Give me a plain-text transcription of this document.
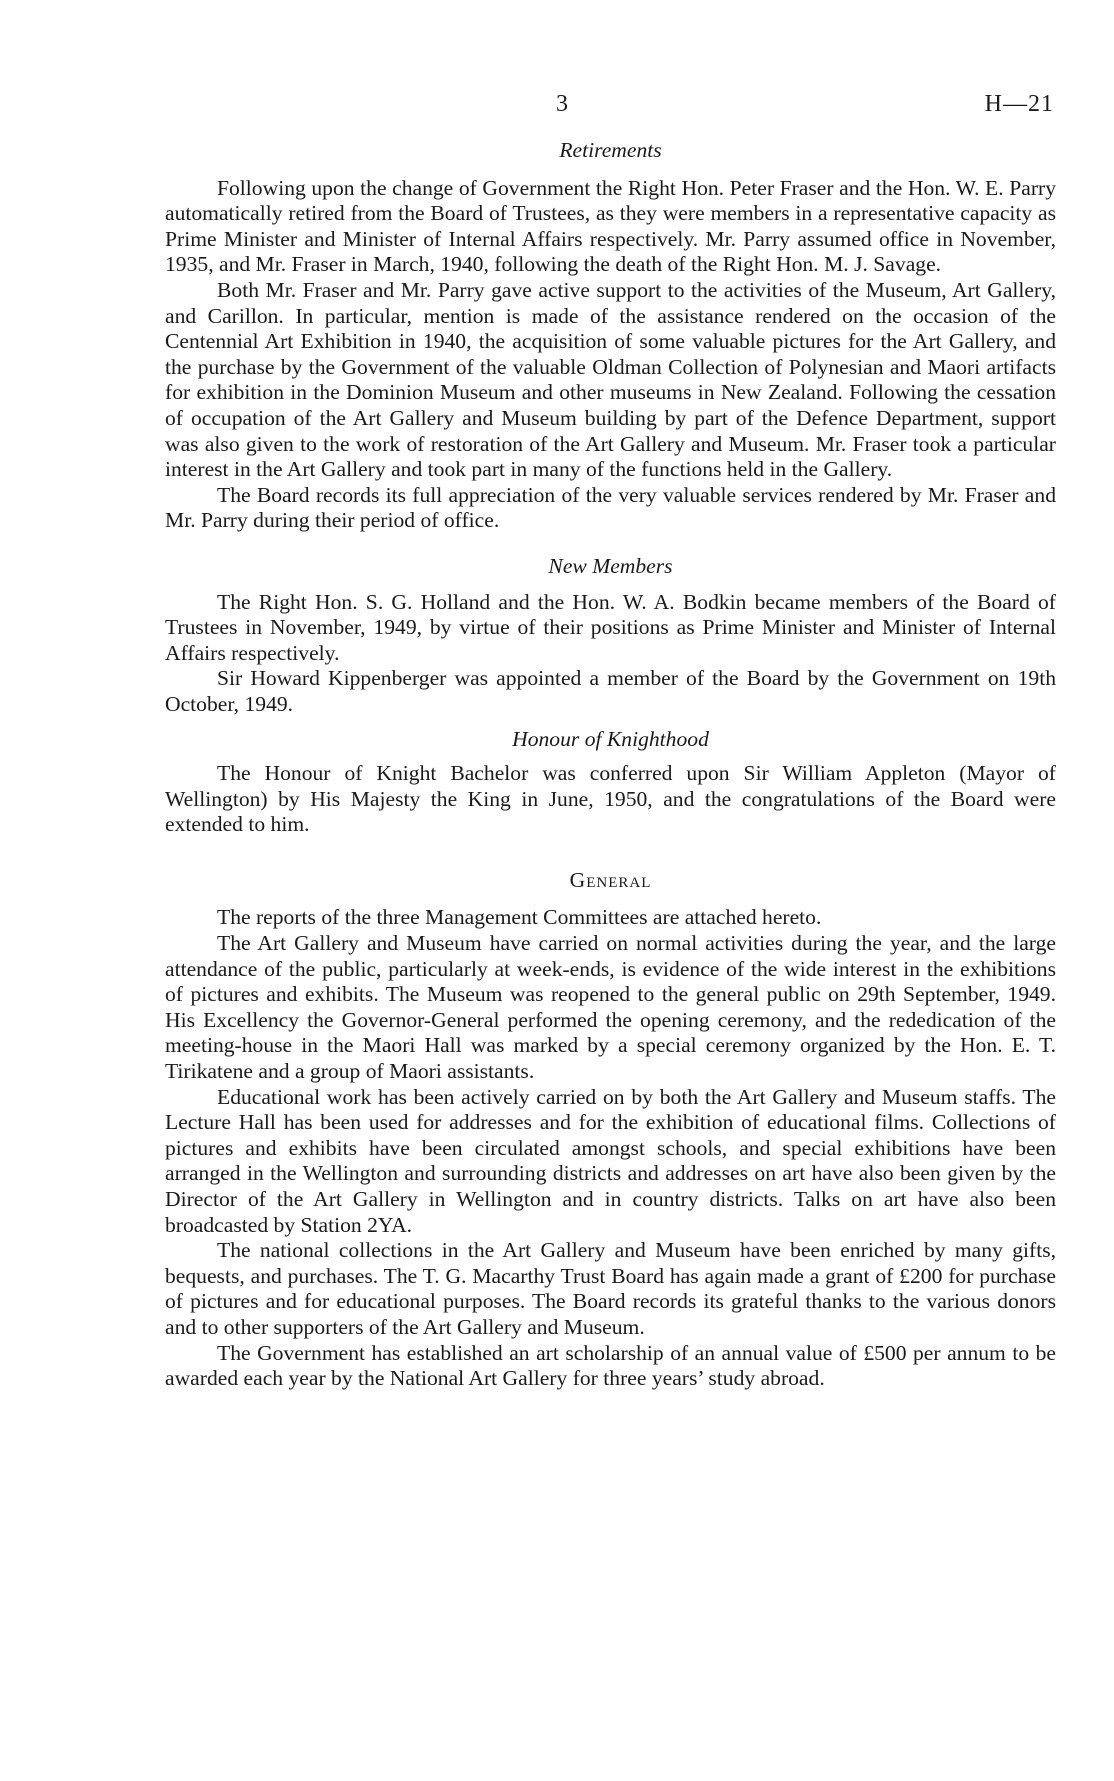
3	H—21
Retirements

Following upon the change of Government the Right Hon. Peter Fraser and the Hon. W. E. Parry automatically retired from the Board of Trustees, as they were members in a representative capacity as Prime Minister and Minister of Internal Affairs respectively. Mr. Parry assumed office in November, 1935, and Mr. Fraser in March, 1940, following the death of the Right Hon. M. J. Savage.

Both Mr. Fraser and Mr. Parry gave active support to the activities of the Museum, Art Gallery, and Carillon. In particular, mention is made of the assistance rendered on the occasion of the Centennial Art Exhibition in 1940, the acquisition of some valuable pictures for the Art Gallery, and the purchase by the Government of the valuable Oldman Collection of Polynesian and Maori artifacts for exhibition in the Dominion Museum and other museums in New Zealand. Following the cessation of occupation of the Art Gallery and Museum building by part of the Defence Department, support was also given to the work of restoration of the Art Gallery and Museum. Mr. Fraser took a particular interest in the Art Gallery and took part in many of the functions held in the Gallery.

The Board records its full appreciation of the very valuable services rendered by Mr. Fraser and Mr. Parry during their period of office.

New Members

The Right Hon. S. G. Holland and the Hon. W. A. Bodkin became members of the Board of Trustees in November, 1949, by virtue of their positions as Prime Minister and Minister of Internal Affairs respectively.

Sir Howard Kippenberger was appointed a member of the Board by the Government on 19th October, 1949.

Honour of Knighthood

The Honour of Knight Bachelor was conferred upon Sir William Appleton (Mayor of Wellington) by His Majesty the King in June, 1950, and the congratulations of the Board were extended to him.

General

The reports of the three Management Committees are attached hereto.

The Art Gallery and Museum have carried on normal activities during the year, and the large attendance of the public, particularly at week-ends, is evidence of the wide interest in the exhibitions of pictures and exhibits. The Museum was reopened to the general public on 29th September, 1949. His Excellency the Governor-General performed the opening ceremony, and the rededication of the meeting-house in the Maori Hall was marked by a special ceremony organized by the Hon. E. T. Tirikatene and a group of Maori assistants.

Educational work has been actively carried on by both the Art Gallery and Museum staffs. The Lecture Hall has been used for addresses and for the exhibition of educational films. Collections of pictures and exhibits have been circulated amongst schools, and special exhibitions have been arranged in the Wellington and surrounding districts and addresses on art have also been given by the Director of the Art Gallery in Wellington and in country districts. Talks on art have also been broadcasted by Station 2YA.

The national collections in the Art Gallery and Museum have been enriched by many gifts, bequests, and purchases. The T. G. Macarthy Trust Board has again made a grant of £200 for purchase of pictures and for educational purposes. The Board records its grateful thanks to the various donors and to other supporters of the Art Gallery and Museum.

The Government has established an art scholarship of an annual value of £500 per annum to be awarded each year by the National Art Gallery for three years’ study abroad.
